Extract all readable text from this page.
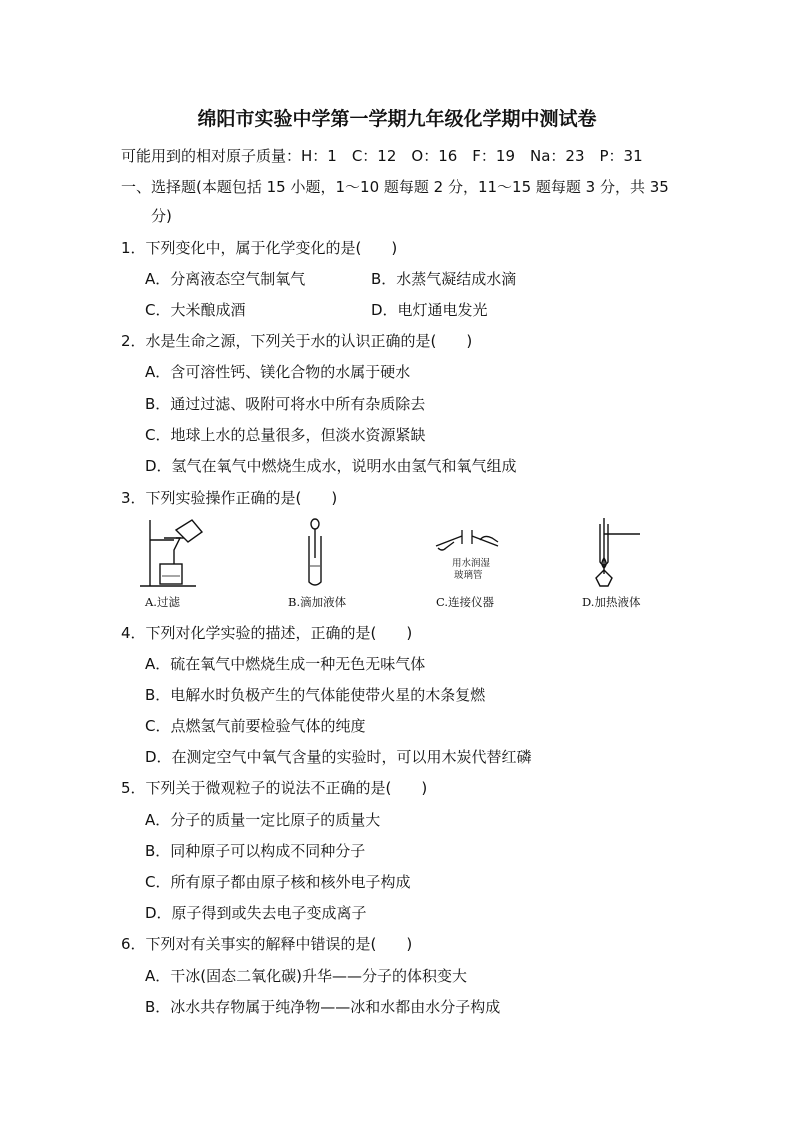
绵阳市实验中学第一学期九年级化学期中测试卷
可能用到的相对原子质量：H：1　C：12　O：16　F：19　Na：23　P：31
一、选择题(本题包括 15 小题，1～10 题每题 2 分，11～15 题每题 3 分，共 35
分)
1．下列变化中，属于化学变化的是(　　)
A．分离液态空气制氧气	B．水蒸气凝结成水滴
C．大米酿成酒	D．电灯通电发光
2．水是生命之源，下列关于水的认识正确的是(　　)
A．含可溶性钙、镁化合物的水属于硬水
B．通过过滤、吸附可将水中所有杂质除去
C．地球上水的总量很多，但淡水资源紧缺
D．氢气在氧气中燃烧生成水，说明水由氢气和氧气组成
3．下列实验操作正确的是(　　)
A.过滤	B.滴加液体
用水润湿
玻璃管
C.连接仪器	D.加热液体
4．下列对化学实验的描述，正确的是(　　)
A．硫在氧气中燃烧生成一种无色无味气体
B．电解水时负极产生的气体能使带火星的木条复燃
C．点燃氢气前要检验气体的纯度
D．在测定空气中氧气含量的实验时，可以用木炭代替红磷
5．下列关于微观粒子的说法不正确的是(　　)
A．分子的质量一定比原子的质量大
B．同种原子可以构成不同种分子
C．所有原子都由原子核和核外电子构成
D．原子得到或失去电子变成离子
6．下列对有关事实的解释中错误的是(　　)
A．干冰(固态二氧化碳)升华——分子的体积变大
B．冰水共存物属于纯净物——冰和水都由水分子构成
